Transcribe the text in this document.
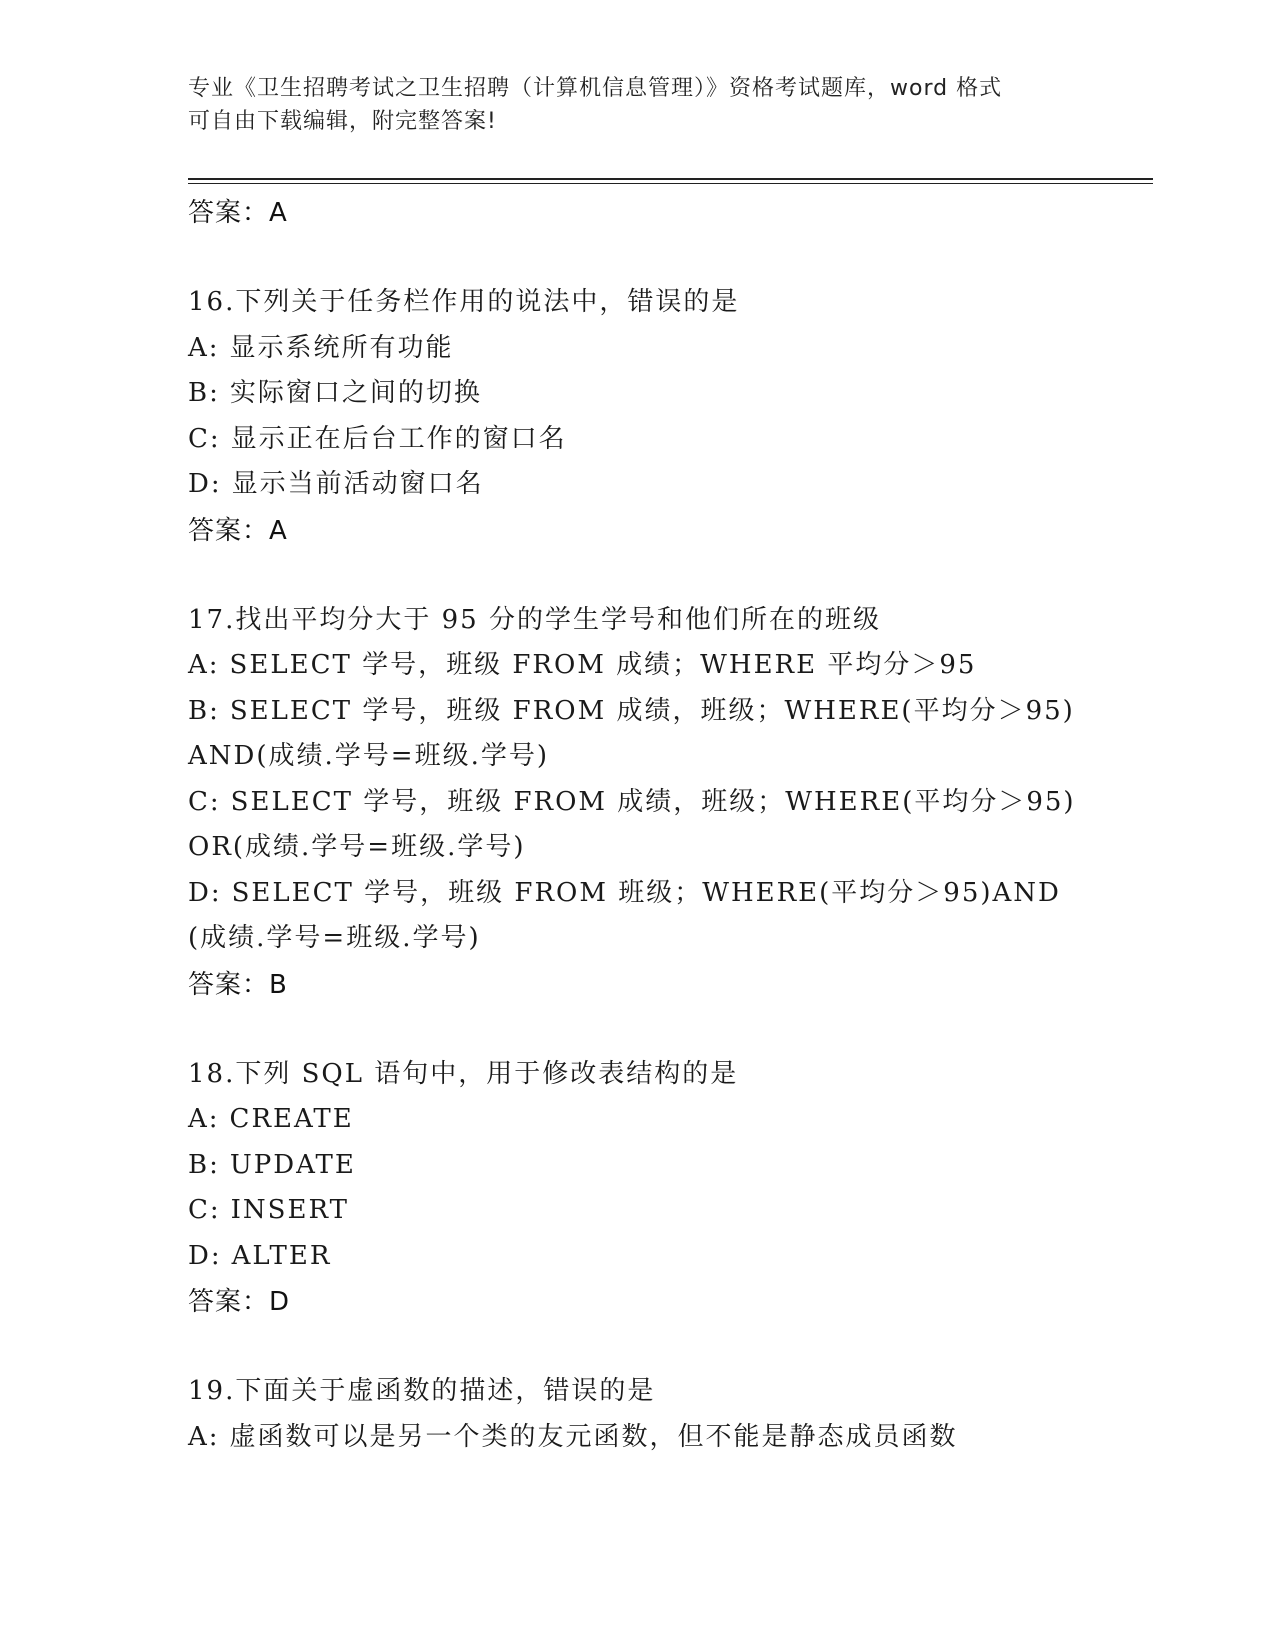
专业《卫生招聘考试之卫生招聘（计算机信息管理）》资格考试题库，word 格式
可自由下载编辑，附完整答案!
答案：A
16.下列关于任务栏作用的说法中，错误的是
A: 显示系统所有功能
B: 实际窗口之间的切换
C: 显示正在后台工作的窗口名
D: 显示当前活动窗口名
答案：A
17.找出平均分大于 95 分的学生学号和他们所在的班级
A: SELECT 学号，班级 FROM 成绩；WHERE 平均分＞95
B: SELECT 学号，班级 FROM 成绩，班级；WHERE(平均分＞95)AND(成绩.学号=班级.学号)
C: SELECT 学号，班级 FROM 成绩，班级；WHERE(平均分＞95)OR(成绩.学号=班级.学号)
D: SELECT 学号，班级 FROM 班级；WHERE(平均分＞95)AND(成绩.学号=班级.学号)
答案：B
18.下列 SQL 语句中，用于修改表结构的是
A: CREATE
B: UPDATE
C: INSERT
D: ALTER
答案：D
19.下面关于虚函数的描述，错误的是
A: 虚函数可以是另一个类的友元函数，但不能是静态成员函数
